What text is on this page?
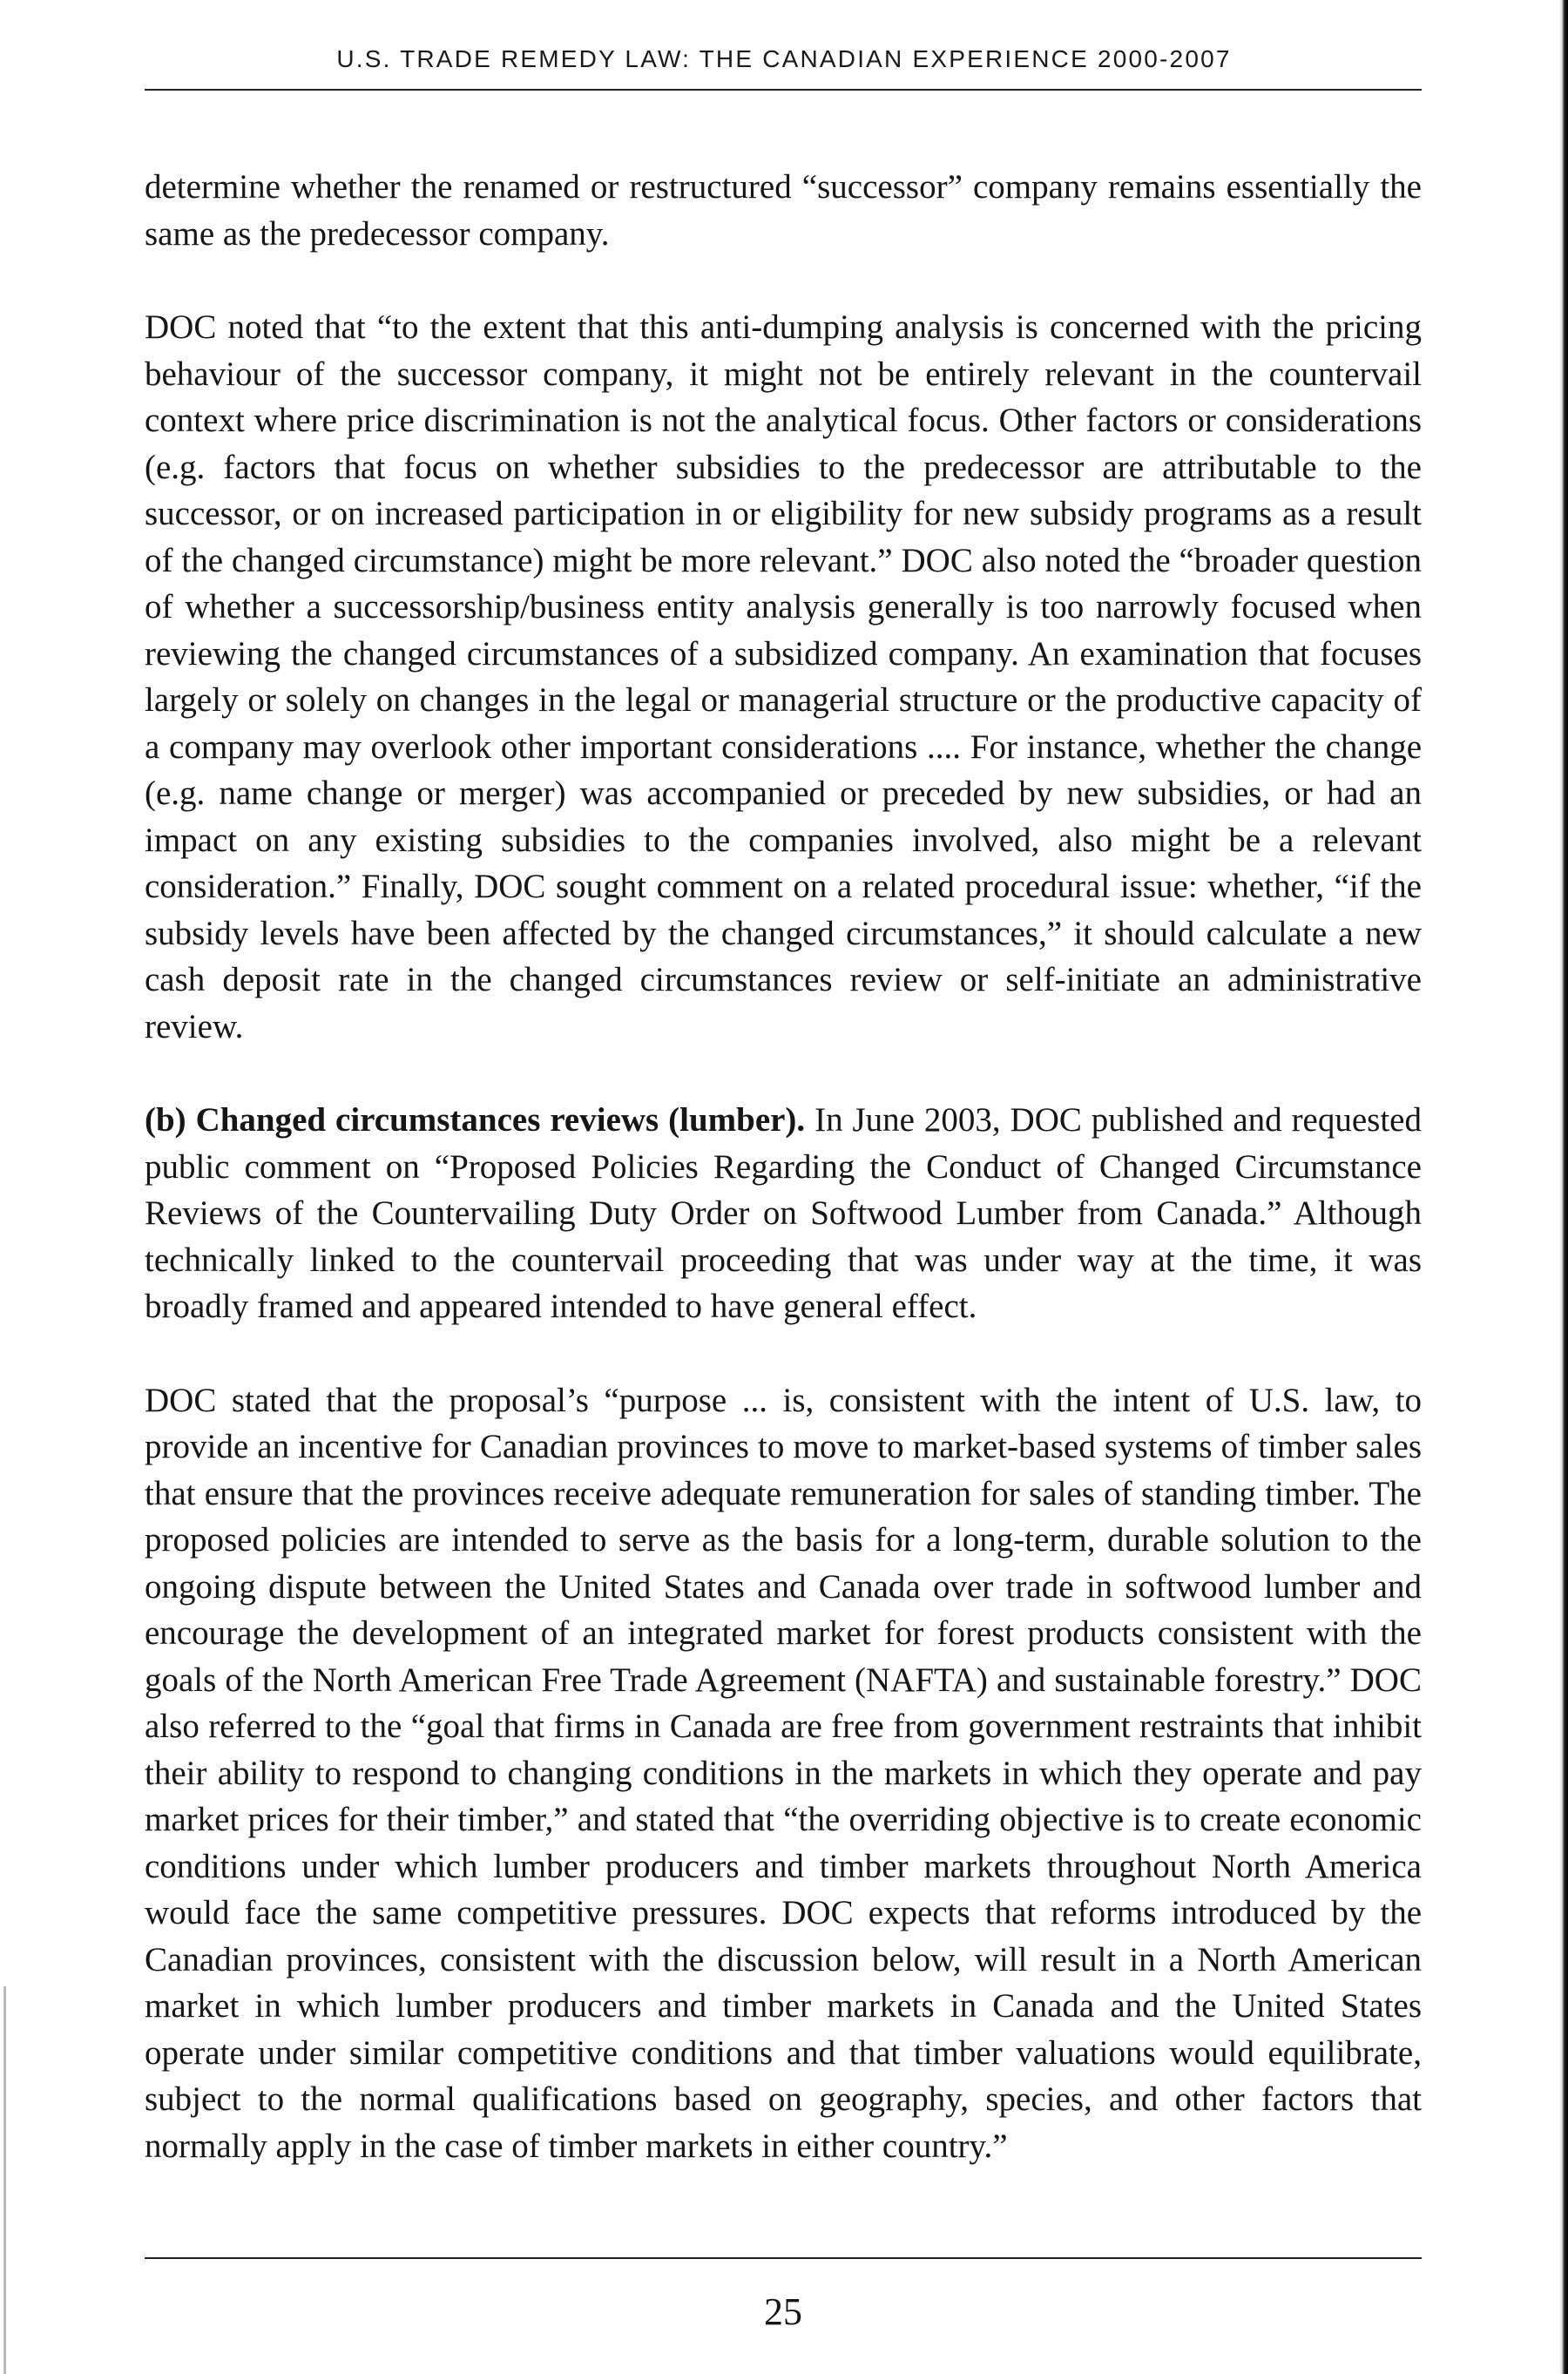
U.S. TRADE REMEDY LAW: THE CANADIAN EXPERIENCE 2000-2007

determine whether the renamed or restructured “successor” company remains essentially the same as the predecessor company.

DOC noted that “to the extent that this anti-dumping analysis is concerned with the pricing behaviour of the successor company, it might not be entirely relevant in the countervail context where price discrimination is not the analytical focus. Other factors or considerations (e.g. factors that focus on whether subsidies to the predecessor are attributable to the successor, or on increased participation in or eligibility for new subsidy programs as a result of the changed circumstance) might be more relevant.” DOC also noted the “broader question of whether a successorship/business entity analysis generally is too narrowly focused when reviewing the changed circumstances of a subsidized company. An examination that focuses largely or solely on changes in the legal or managerial structure or the productive capacity of a company may overlook other important considerations .... For instance, whether the change (e.g. name change or merger) was accompanied or preceded by new subsidies, or had an impact on any existing subsidies to the companies involved, also might be a relevant consideration.” Finally, DOC sought comment on a related procedural issue: whether, “if the subsidy levels have been affected by the changed circumstances,” it should calculate a new cash deposit rate in the changed circumstances review or self-initiate an administrative review.

(b) Changed circumstances reviews (lumber). In June 2003, DOC published and requested public comment on “Proposed Policies Regarding the Conduct of Changed Circumstance Reviews of the Countervailing Duty Order on Softwood Lumber from Canada.” Although technically linked to the countervail proceeding that was under way at the time, it was broadly framed and appeared intended to have general effect.

DOC stated that the proposal’s “purpose ... is, consistent with the intent of U.S. law, to provide an incentive for Canadian provinces to move to market-based systems of timber sales that ensure that the provinces receive adequate remuneration for sales of standing timber. The proposed policies are intended to serve as the basis for a long-term, durable solution to the ongoing dispute between the United States and Canada over trade in softwood lumber and encourage the development of an integrated market for forest products consistent with the goals of the North American Free Trade Agreement (NAFTA) and sustainable forestry.” DOC also referred to the “goal that firms in Canada are free from government restraints that inhibit their ability to respond to changing conditions in the markets in which they operate and pay market prices for their timber,” and stated that “the overriding objective is to create economic conditions under which lumber producers and timber markets throughout North America would face the same competitive pressures. DOC expects that reforms introduced by the Canadian provinces, consistent with the discussion below, will result in a North American market in which lumber producers and timber markets in Canada and the United States operate under similar competitive conditions and that timber valuations would equilibrate, subject to the normal qualifications based on geography, species, and other factors that normally apply in the case of timber markets in either country.”

25
